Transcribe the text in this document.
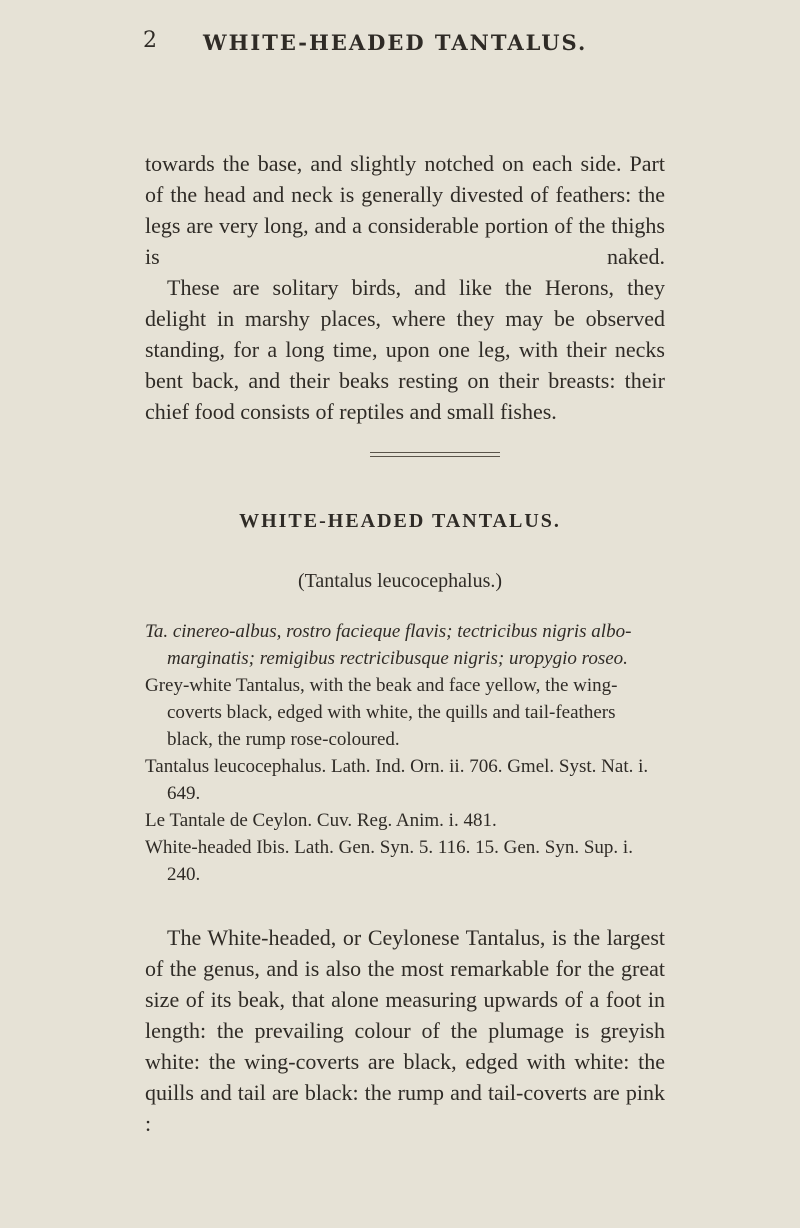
2 WHITE-HEADED TANTALUS.

towards the base, and slightly notched on each side. Part of the head and neck is generally divested of feathers: the legs are very long, and a considerable portion of the thighs is naked.

These are solitary birds, and like the Herons, they delight in marshy places, where they may be observed standing, for a long time, upon one leg, with their necks bent back, and their beaks resting on their breasts: their chief food consists of reptiles and small fishes.

WHITE-HEADED TANTALUS.
(Tantalus leucocephalus.)

Ta. cinereo-albus, rostro facieque flavis; tectricibus nigris albo-marginatis; remigibus rectricibusque nigris; uropygio roseo.

Grey-white Tantalus, with the beak and face yellow, the wing-coverts black, edged with white, the quills and tail-feathers black, the rump rose-coloured.

Tantalus leucocephalus. Lath. Ind. Orn. ii. 706. Gmel. Syst. Nat. i. 649.

Le Tantale de Ceylon. Cuv. Reg. Anim. i. 481.

White-headed Ibis. Lath. Gen. Syn. 5. 116. 15. Gen. Syn. Sup. i. 240.

The White-headed, or Ceylonese Tantalus, is the largest of the genus, and is also the most remarkable for the great size of its beak, that alone measuring upwards of a foot in length: the prevailing colour of the plumage is greyish white: the wing-coverts are black, edged with white: the quills and tail are black: the rump and tail-coverts are pink :
